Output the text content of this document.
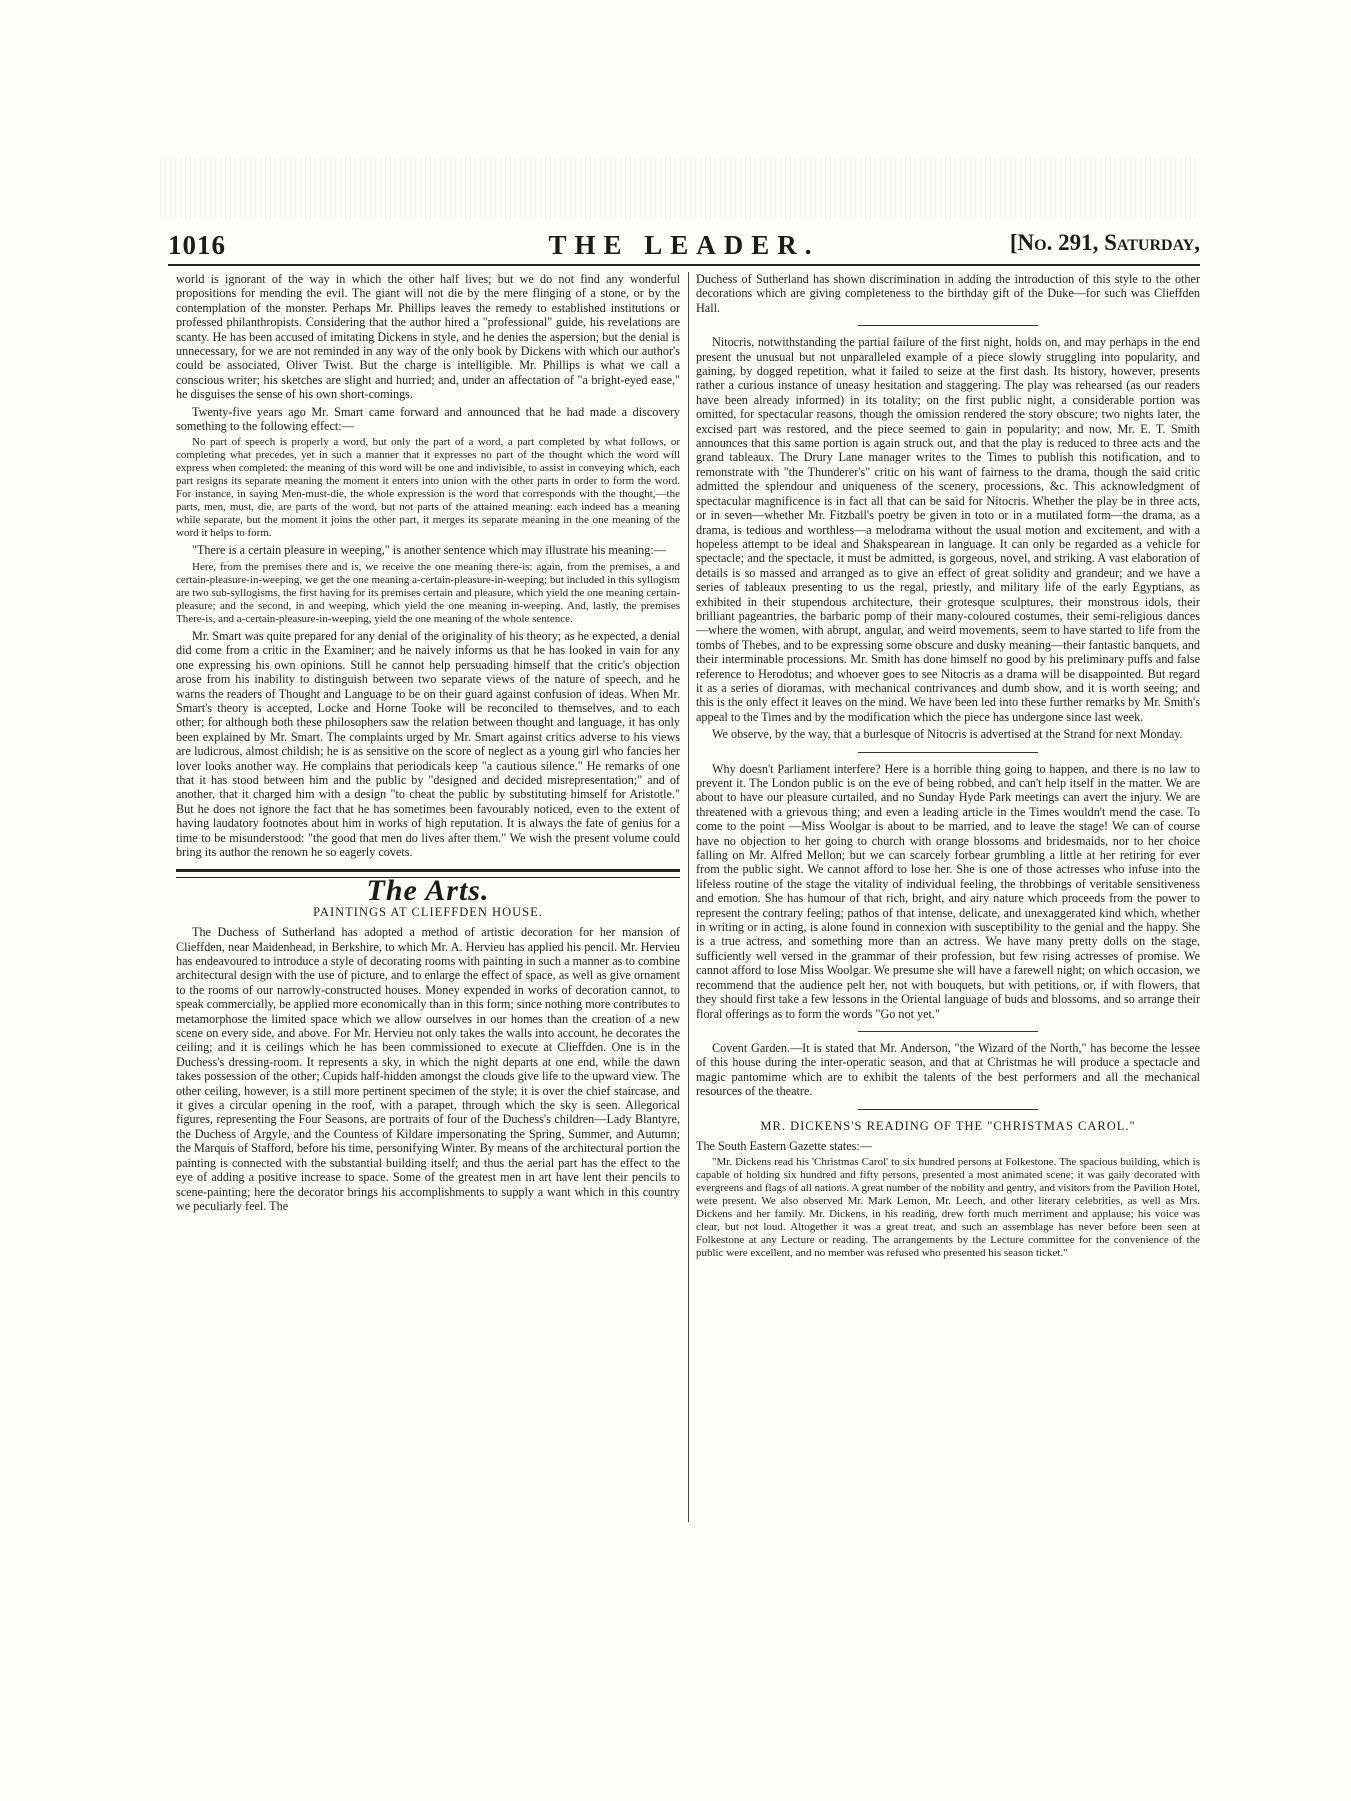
1016	THE LEADER.	[No. 291, Saturday,

world is ignorant of the way in which the other half lives; but we do not find any wonderful propositions for mending the evil. The giant will not die by the mere flinging of a stone, or by the contemplation of the monster. Perhaps Mr. Phillips leaves the remedy to established institutions or professed philanthropists. Considering that the author hired a "professional" guide, his revelations are scanty. He has been accused of imitating Dickens in style, and he denies the aspersion; but the denial is unnecessary, for we are not reminded in any way of the only book by Dickens with which our author's could be associated, Oliver Twist. But the charge is intelligible. Mr. Phillips is what we call a conscious writer; his sketches are slight and hurried; and, under an affectation of "a bright-eyed ease," he disguises the sense of his own short-comings.

Twenty-five years ago Mr. Smart came forward and announced that he had made a discovery something to the following effect:—

No part of speech is properly a word, but only the part of a word, a part completed by what follows, or completing what precedes, yet in such a manner that it expresses no part of the thought which the word will express when completed: the meaning of this word will be one and indivisible, to assist in conveying which, each part resigns its separate meaning the moment it enters into union with the other parts in order to form the word. For instance, in saying Men-must-die, the whole expression is the word that corresponds with the thought,—the parts, men, must, die, are parts of the word, but not parts of the attained meaning: each indeed has a meaning while separate, but the moment it joins the other part, it merges its separate meaning in the one meaning of the word it helps to form.

"There is a certain pleasure in weeping," is another sentence which may illustrate his meaning:—

Here, from the premises there and is, we receive the one meaning there-is: again, from the premises, a and certain-pleasure-in-weeping, we get the one meaning a-certain-pleasure-in-weeping; but included in this syllogism are two sub-syllogisms, the first having for its premises certain and pleasure, which yield the one meaning certain-pleasure; and the second, in and weeping, which yield the one meaning in-weeping. And, lastly, the premises There-is, and a-certain-pleasure-in-weeping, yield the one meaning of the whole sentence.

Mr. Smart was quite prepared for any denial of the originality of his theory; as he expected, a denial did come from a critic in the Examiner; and he naively informs us that he has looked in vain for any one expressing his own opinions. Still he cannot help persuading himself that the critic's objection arose from his inability to distinguish between two separate views of the nature of speech, and he warns the readers of Thought and Language to be on their guard against confusion of ideas. When Mr. Smart's theory is accepted, Locke and Horne Tooke will be reconciled to themselves, and to each other; for although both these philosophers saw the relation between thought and language, it has only been explained by Mr. Smart. The complaints urged by Mr. Smart against critics adverse to his views are ludicrous, almost childish; he is as sensitive on the score of neglect as a young girl who fancies her lover looks another way. He complains that periodicals keep "a cautious silence." He remarks of one that it has stood between him and the public by "designed and decided misrepresentation;" and of another, that it charged him with a design "to cheat the public by substituting himself for Aristotle." But he does not ignore the fact that he has sometimes been favourably noticed, even to the extent of having laudatory footnotes about him in works of high reputation. It is always the fate of genius for a time to be misunderstood: "the good that men do lives after them." We wish the present volume could bring its author the renown he so eagerly covets.

The Arts.
PAINTINGS AT CLIEFFDEN HOUSE.

The Duchess of Sutherland has adopted a method of artistic decoration for her mansion of Clieffden, near Maidenhead, in Berkshire, to which Mr. A. Hervieu has applied his pencil. Mr. Hervieu has endeavoured to introduce a style of decorating rooms with painting in such a manner as to combine architectural design with the use of picture, and to enlarge the effect of space, as well as give ornament to the rooms of our narrowly-constructed houses. Money expended in works of decoration cannot, to speak commercially, be applied more economically than in this form; since nothing more contributes to metamorphose the limited space which we allow ourselves in our homes than the creation of a new scene on every side, and above. For Mr. Hervieu not only takes the walls into account, he decorates the ceiling; and it is ceilings which he has been commissioned to execute at Clieffden. One is in the Duchess's dressing-room. It represents a sky, in which the night departs at one end, while the dawn takes possession of the other; Cupids half-hidden amongst the clouds give life to the upward view. The other ceiling, however, is a still more pertinent specimen of the style; it is over the chief staircase, and it gives a circular opening in the roof, with a parapet, through which the sky is seen. Allegorical figures, representing the Four Seasons, are portraits of four of the Duchess's children—Lady Blantyre, the Duchess of Argyle, and the Countess of Kildare impersonating the Spring, Summer, and Autumn; the Marquis of Stafford, before his time, personifying Winter. By means of the architectural portion the painting is connected with the substantial building itself; and thus the aerial part has the effect to the eye of adding a positive increase to space. Some of the greatest men in art have lent their pencils to scene-painting; here the decorator brings his accomplishments to supply a want which in this country we peculiarly feel. The

Duchess of Sutherland has shown discrimination in adding the introduction of this style to the other decorations which are giving completeness to the birthday gift of the Duke—for such was Clieffden Hall.

Nitocris, notwithstanding the partial failure of the first night, holds on, and may perhaps in the end present the unusual but not unparalleled example of a piece slowly struggling into popularity, and gaining, by dogged repetition, what it failed to seize at the first dash. Its history, however, presents rather a curious instance of uneasy hesitation and staggering. The play was rehearsed (as our readers have been already informed) in its totality; on the first public night, a considerable portion was omitted, for spectacular reasons, though the omission rendered the story obscure; two nights later, the excised part was restored, and the piece seemed to gain in popularity; and now, Mr. E. T. Smith announces that this same portion is again struck out, and that the play is reduced to three acts and the grand tableaux. The Drury Lane manager writes to the Times to publish this notification, and to remonstrate with "the Thunderer's" critic on his want of fairness to the drama, though the said critic admitted the splendour and uniqueness of the scenery, processions, &c. This acknowledgment of spectacular magnificence is in fact all that can be said for Nitocris. Whether the play be in three acts, or in seven—whether Mr. Fitzball's poetry be given in toto or in a mutilated form—the drama, as a drama, is tedious and worthless—a melodrama without the usual motion and excitement, and with a hopeless attempt to be ideal and Shakspearean in language. It can only be regarded as a vehicle for spectacle; and the spectacle, it must be admitted, is gorgeous, novel, and striking. A vast elaboration of details is so massed and arranged as to give an effect of great solidity and grandeur; and we have a series of tableaux presenting to us the regal, priestly, and military life of the early Egyptians, as exhibited in their stupendous architecture, their grotesque sculptures, their monstrous idols, their brilliant pageantries, the barbaric pomp of their many-coloured costumes, their semi-religious dances—where the women, with abrupt, angular, and weird movements, seem to have started to life from the tombs of Thebes, and to be expressing some obscure and dusky meaning—their fantastic banquets, and their interminable processions. Mr. Smith has done himself no good by his preliminary puffs and false reference to Herodotus; and whoever goes to see Nitocris as a drama will be disappointed. But regard it as a series of dioramas, with mechanical contrivances and dumb show, and it is worth seeing; and this is the only effect it leaves on the mind. We have been led into these further remarks by Mr. Smith's appeal to the Times and by the modification which the piece has undergone since last week.

We observe, by the way, that a burlesque of Nitocris is advertised at the Strand for next Monday.

Why doesn't Parliament interfere? Here is a horrible thing going to happen, and there is no law to prevent it. The London public is on the eve of being robbed, and can't help itself in the matter. We are about to have our pleasure curtailed, and no Sunday Hyde Park meetings can avert the injury. We are threatened with a grievous thing; and even a leading article in the Times wouldn't mend the case. To come to the point —Miss Woolgar is about to be married, and to leave the stage! We can of course have no objection to her going to church with orange blossoms and bridesmaids, nor to her choice falling on Mr. Alfred Mellon; but we can scarcely forbear grumbling a little at her retiring for ever from the public sight. We cannot afford to lose her. She is one of those actresses who infuse into the lifeless routine of the stage the vitality of individual feeling, the throbbings of veritable sensitiveness and emotion. She has humour of that rich, bright, and airy nature which proceeds from the power to represent the contrary feeling; pathos of that intense, delicate, and unexaggerated kind which, whether in writing or in acting, is alone found in connexion with susceptibility to the genial and the happy. She is a true actress, and something more than an actress. We have many pretty dolls on the stage, sufficiently well versed in the grammar of their profession, but few rising actresses of promise. We cannot afford to lose Miss Woolgar. We presume she will have a farewell night; on which occasion, we recommend that the audience pelt her, not with bouquets, but with petitions, or, if with flowers, that they should first take a few lessons in the Oriental language of buds and blossoms, and so arrange their floral offerings as to form the words "Go not yet."

Covent Garden.—It is stated that Mr. Anderson, "the Wizard of the North," has become the lessee of this house during the inter-operatic season, and that at Christmas he will produce a spectacle and magic pantomime which are to exhibit the talents of the best performers and all the mechanical resources of the theatre.

MR. DICKENS'S READING OF THE "CHRISTMAS CAROL."

The South Eastern Gazette states:—

"Mr. Dickens read his 'Christmas Carol' to six hundred persons at Folkestone. The spacious building, which is capable of holding six hundred and fifty persons, presented a most animated scene; it was gaily decorated with evergreens and flags of all nations. A great number of the nobility and gentry, and visitors from the Pavilion Hotel, were present. We also observed Mr. Mark Lemon, Mr. Leech, and other literary celebrities, as well as Mrs. Dickens and her family. Mr. Dickens, in his reading, drew forth much merriment and applause; his voice was clear, but not loud. Altogether it was a great treat, and such an assemblage has never before been seen at Folkestone at any Lecture or reading. The arrangements by the Lecture committee for the convenience of the public were excellent, and no member was refused who presented his season ticket."
